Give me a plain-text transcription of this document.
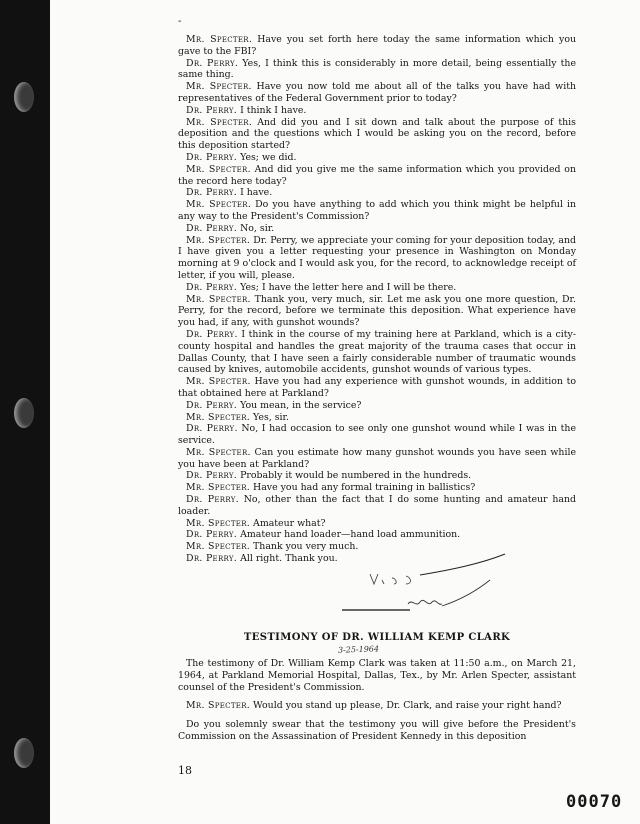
-

Mr. Specter. Have you set forth here today the same information which you gave to the FBI?

Dr. Perry. Yes, I think this is considerably in more detail, being essentially the same thing.

Mr. Specter. Have you now told me about all of the talks you have had with representatives of the Federal Government prior to today?

Dr. Perry. I think I have.

Mr. Specter. And did you and I sit down and talk about the purpose of this deposition and the questions which I would be asking you on the record, before this deposition started?

Dr. Perry. Yes; we did.

Mr. Specter. And did you give me the same information which you provided on the record here today?

Dr. Perry. I have.

Mr. Specter. Do you have anything to add which you think might be helpful in any way to the President's Commission?

Dr. Perry. No, sir.

Mr. Specter. Dr. Perry, we appreciate your coming for your deposition today, and I have given you a letter requesting your presence in Washington on Monday morning at 9 o'clock and I would ask you, for the record, to acknowledge receipt of letter, if you will, please.

Dr. Perry. Yes; I have the letter here and I will be there.

Mr. Specter. Thank you, very much, sir. Let me ask you one more question, Dr. Perry, for the record, before we terminate this deposition. What experience have you had, if any, with gunshot wounds?

Dr. Perry. I think in the course of my training here at Parkland, which is a city-county hospital and handles the great majority of the trauma cases that occur in Dallas County, that I have seen a fairly considerable number of traumatic wounds caused by knives, automobile accidents, gunshot wounds of various types.

Mr. Specter. Have you had any experience with gunshot wounds, in addition to that obtained here at Parkland?

Dr. Perry. You mean, in the service?

Mr. Specter. Yes, sir.

Dr. Perry. No, I had occasion to see only one gunshot wound while I was in the service.

Mr. Specter. Can you estimate how many gunshot wounds you have seen while you have been at Parkland?

Dr. Perry. Probably it would be numbered in the hundreds.

Mr. Specter. Have you had any formal training in ballistics?

Dr. Perry. No, other than the fact that I do some hunting and amateur hand loader.

Mr. Specter. Amateur what?

Dr. Perry. Amateur hand loader—hand load ammunition.

Mr. Specter. Thank you very much.

Dr. Perry. All right. Thank you.

TESTIMONY OF DR. WILLIAM KEMP CLARK
3-25-1964

The testimony of Dr. William Kemp Clark was taken at 11:50 a.m., on March 21, 1964, at Parkland Memorial Hospital, Dallas, Tex., by Mr. Arlen Specter, assistant counsel of the President's Commission.

Mr. Specter. Would you stand up please, Dr. Clark, and raise your right hand?

Do you solemnly swear that the testimony you will give before the President's Commission on the Assassination of President Kennedy in this deposition

18
00070
